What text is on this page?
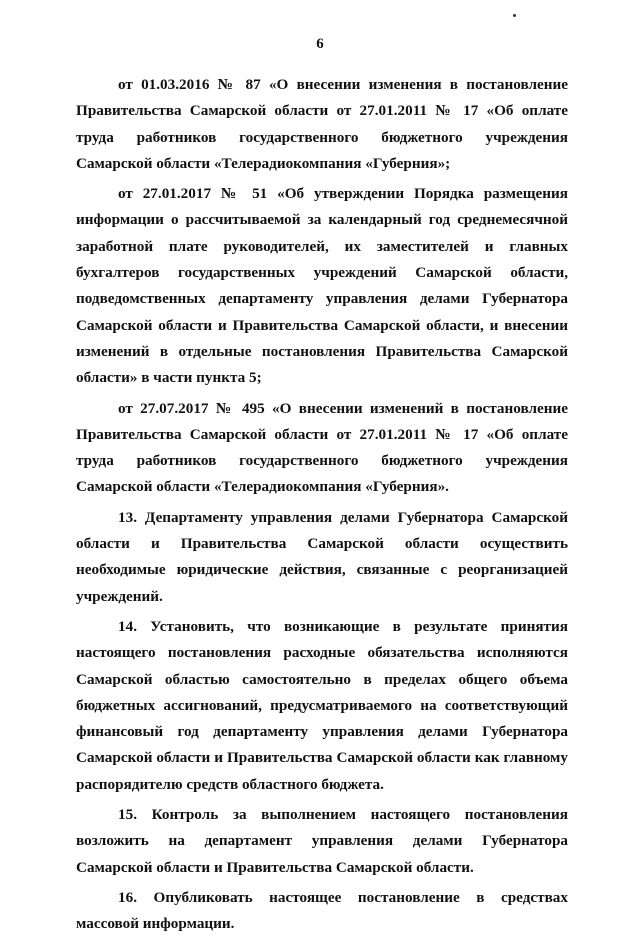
6

от 01.03.2016 № 87 «О внесении изменения в постановление Правительства Самарской области от 27.01.2011 № 17 «Об оплате труда работников государственного бюджетного учреждения Самарской области «Телерадиокомпания «Губерния»;

от 27.01.2017 № 51 «Об утверждении Порядка размещения информации о рассчитываемой за календарный год среднемесячной заработной плате руководителей, их заместителей и главных бухгалтеров государственных учреждений Самарской области, подведомственных департаменту управления делами Губернатора Самарской области и Правительства Самарской области, и внесении изменений в отдельные постановления Правительства Самарской области» в части пункта 5;

от 27.07.2017 № 495 «О внесении изменений в постановление Правительства Самарской области от 27.01.2011 № 17 «Об оплате труда работников государственного бюджетного учреждения Самарской области «Телерадиокомпания «Губерния».

13. Департаменту управления делами Губернатора Самарской области и Правительства Самарской области осуществить необходимые юридические действия, связанные с реорганизацией учреждений.

14. Установить, что возникающие в результате принятия настоящего постановления расходные обязательства исполняются Самарской областью самостоятельно в пределах общего объема бюджетных ассигнований, предусматриваемого на соответствующий финансовый год департаменту управления делами Губернатора Самарской области и Правительства Самарской области как главному распорядителю средств областного бюджета.

15. Контроль за выполнением настоящего постановления возложить на департамент управления делами Губернатора Самарской области и Правительства Самарской области.

16. Опубликовать настоящее постановление в средствах массовой информации.
